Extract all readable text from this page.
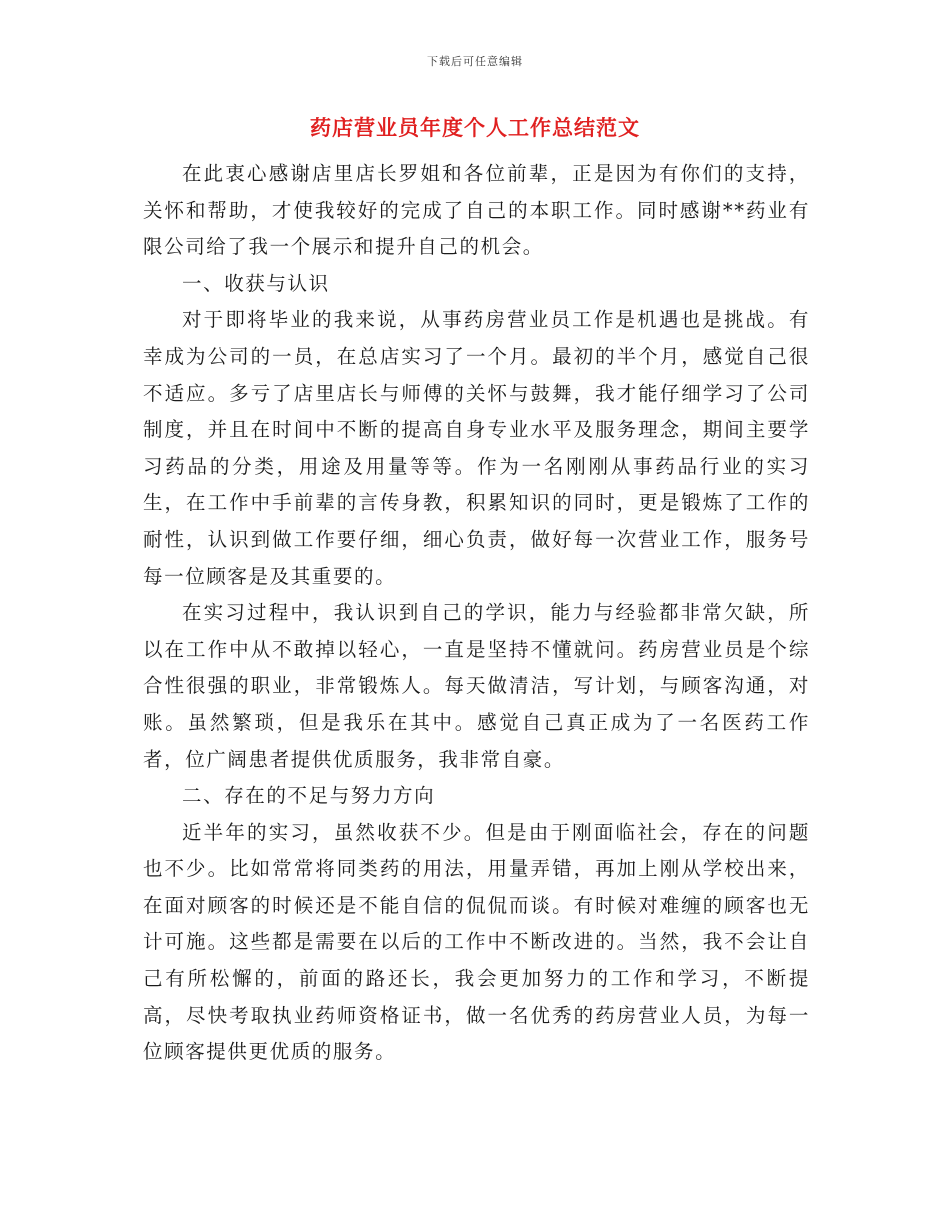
下载后可任意编辑
药店营业员年度个人工作总结范文

在此衷心感谢店里店长罗姐和各位前辈，正是因为有你们的支持，关怀和帮助，才使我较好的完成了自己的本职工作。同时感谢**药业有限公司给了我一个展示和提升自己的机会。

一、收获与认识

对于即将毕业的我来说，从事药房营业员工作是机遇也是挑战。有幸成为公司的一员，在总店实习了一个月。最初的半个月，感觉自己很不适应。多亏了店里店长与师傅的关怀与鼓舞，我才能仔细学习了公司制度，并且在时间中不断的提高自身专业水平及服务理念，期间主要学习药品的分类，用途及用量等等。作为一名刚刚从事药品行业的实习生，在工作中手前辈的言传身教，积累知识的同时，更是锻炼了工作的耐性，认识到做工作要仔细，细心负责，做好每一次营业工作，服务号每一位顾客是及其重要的。

在实习过程中，我认识到自己的学识，能力与经验都非常欠缺，所以在工作中从不敢掉以轻心，一直是坚持不懂就问。药房营业员是个综合性很强的职业，非常锻炼人。每天做清洁，写计划，与顾客沟通，对账。虽然繁琐，但是我乐在其中。感觉自己真正成为了一名医药工作者，位广阔患者提供优质服务，我非常自豪。

二、存在的不足与努力方向

近半年的实习，虽然收获不少。但是由于刚面临社会，存在的问题也不少。比如常常将同类药的用法，用量弄错，再加上刚从学校出来，在面对顾客的时候还是不能自信的侃侃而谈。有时候对难缠的顾客也无计可施。这些都是需要在以后的工作中不断改进的。当然，我不会让自己有所松懈的，前面的路还长，我会更加努力的工作和学习，不断提高，尽快考取执业药师资格证书，做一名优秀的药房营业人员，为每一位顾客提供更优质的服务。
